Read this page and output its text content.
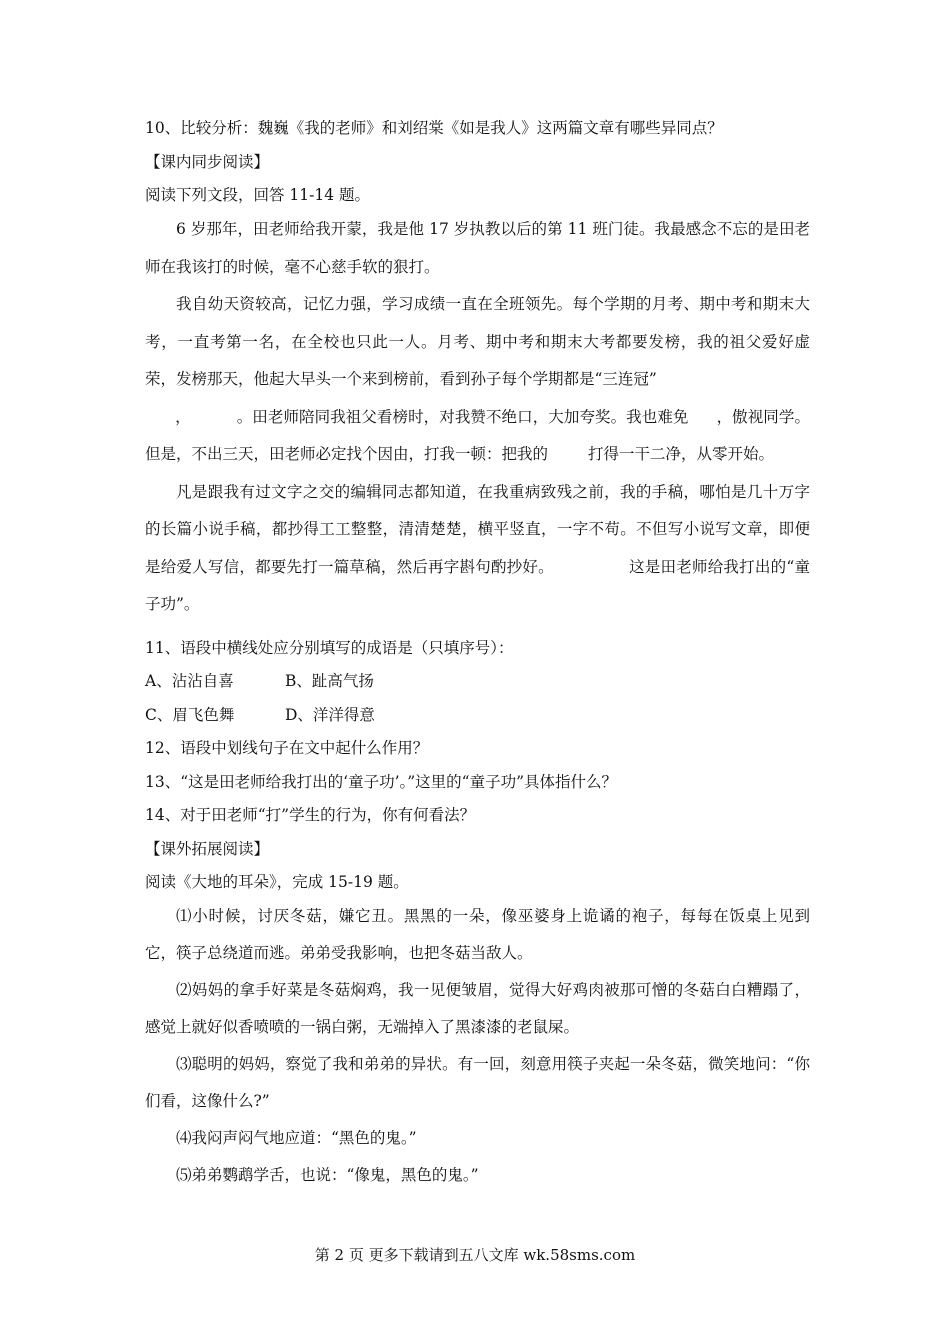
10、比较分析：魏巍《我的老师》和刘绍棠《如是我人》这两篇文章有哪些异同点？

【课内同步阅读】

阅读下列文段，回答 11-14 题。

6 岁那年，田老师给我开蒙，我是他 17 岁执教以后的第 11 班门徒。我最感念不忘的是田老师在我该打的时候，毫不心慈手软的狠打。

我自幼天资较高，记忆力强，学习成绩一直在全班领先。每个学期的月考、期中考和期末大考，一直考第一名，在全校也只此一人。月考、期中考和期末大考都要发榜，我的祖父爱好虚荣，发榜那天，他起大早头一个来到榜前，看到孙子每个学期都是“三连冠”
，	。田老师陪同我祖父看榜时，对我赞不绝口，大加夸奖。我也难免 ，傲视同学。但是，不出三天，田老师必定找个因由，打我一顿：把我的	打得一干二净，从零开始。

凡是跟我有过文字之交的编辑同志都知道，在我重病致残之前，我的手稿，哪怕是几十万字的长篇小说手稿，都抄得工工整整，清清楚楚，横平竖直，一字不苟。不但写小说写文章，即便是给爱人写信，都要先打一篇草稿，然后再字斟句酌抄好。	这是田老师给我打出的“童子功”。

11、语段中横线处应分别填写的成语是（只填序号）：

A、沾沾自喜	B、趾高气扬

C、眉飞色舞	D、洋洋得意

12、语段中划线句子在文中起什么作用？

13、“这是田老师给我打出的‘童子功’。”这里的“童子功”具体指什么？

14、对于田老师“打”学生的行为，你有何看法？

【课外拓展阅读】

阅读《大地的耳朵》，完成 15-19 题。

⑴小时候，讨厌冬菇，嫌它丑。黑黑的一朵，像巫婆身上诡谲的袍子，每每在饭桌上见到它，筷子总绕道而逃。弟弟受我影响，也把冬菇当敌人。

⑵妈妈的拿手好菜是冬菇焖鸡，我一见便皱眉，觉得大好鸡肉被那可憎的冬菇白白糟蹋了，感觉上就好似香喷喷的一锅白粥，无端掉入了黑漆漆的老鼠屎。

⑶聪明的妈妈，察觉了我和弟弟的异状。有一回，刻意用筷子夹起一朵冬菇，微笑地问：“你们看，这像什么?”

⑷我闷声闷气地应道：“黑色的鬼。”

⑸弟弟鹦鹉学舌，也说：“像鬼，黑色的鬼。”

第 2 页 更多下载请到五八文库 wk.58sms.com
